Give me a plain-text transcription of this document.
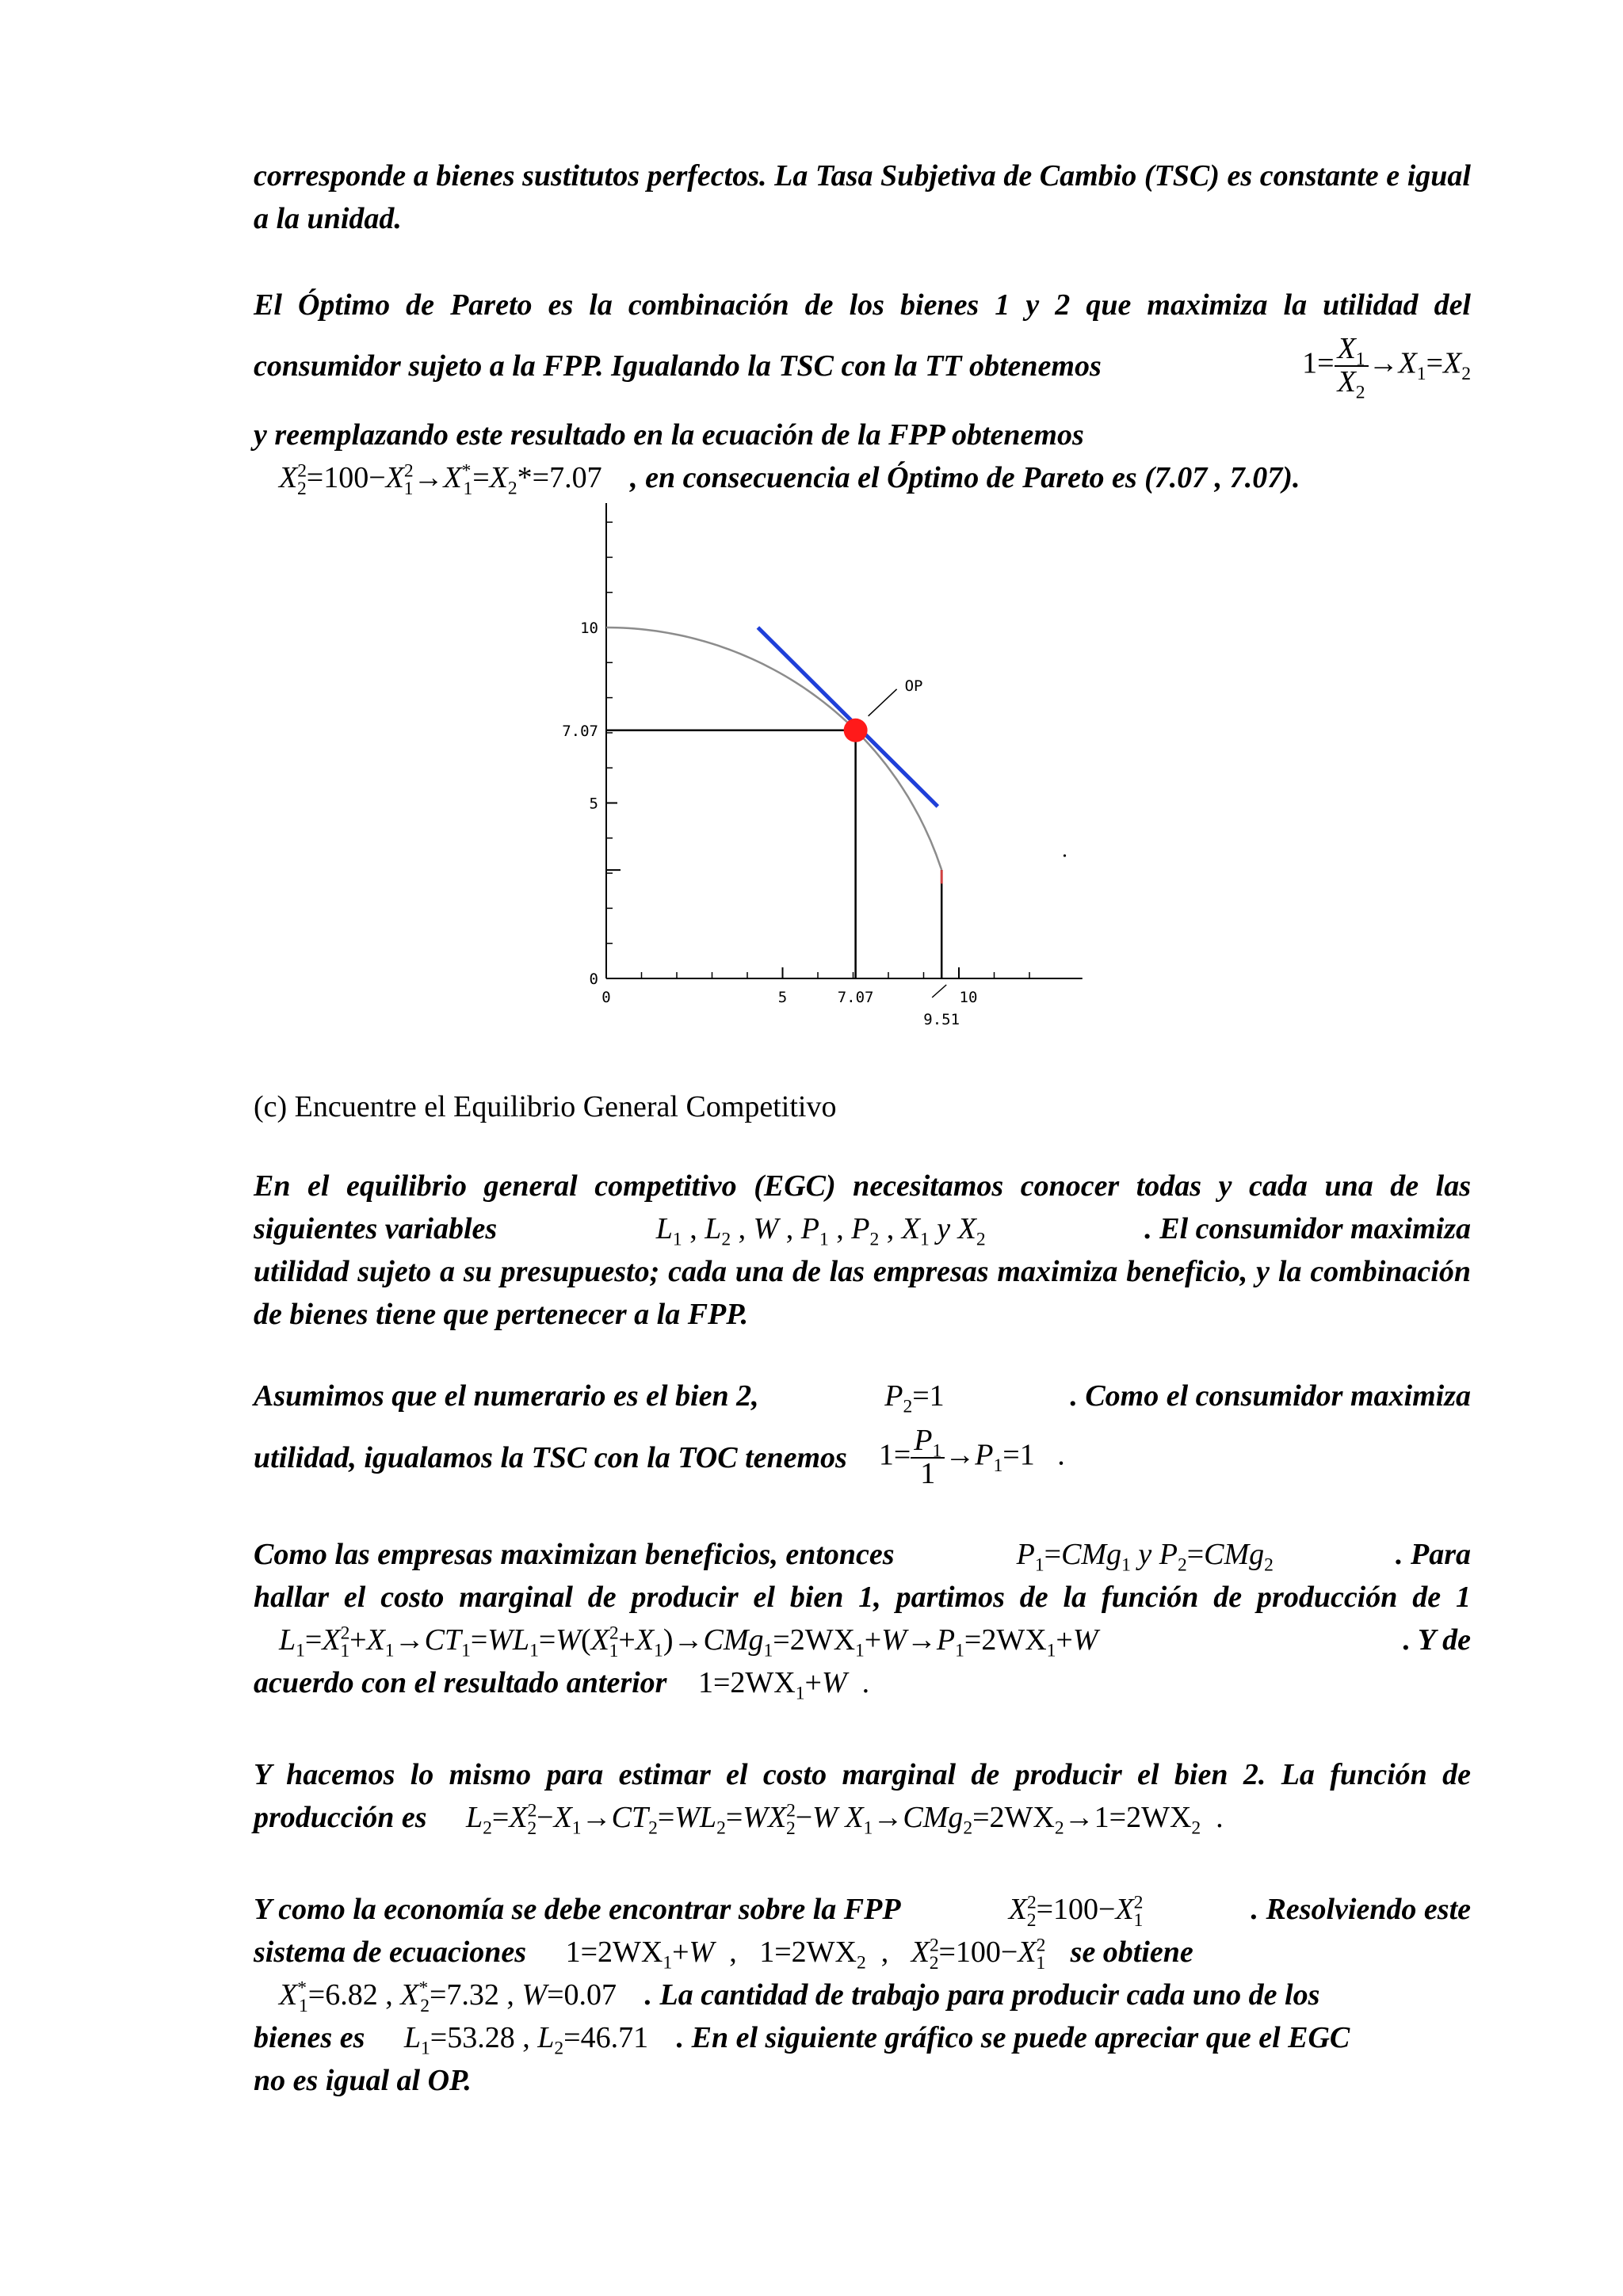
corresponde a bienes sustitutos perfectos. La Tasa Subjetiva de Cambio (TSC) es constante e igual a la unidad.
El Óptimo de Pareto es la combinación de los bienes 1 y 2 que maximiza la utilidad del
consumidor sujeto a la FPP. Igualando la TSC con la TT obtenemos	$1= \frac{X_1}{X_2} \to X_1=X_2$
y reemplazando este resultado en la ecuación de la FPP obtenemos
$X^2_2=100-X^2_1\to X^*_1=X_2*=7.07$ , en consecuencia el Óptimo de Pareto es (7.07 , 7.07).
0	5	7.07	10
9.51
0
5
7.07
10
OP
(c) Encuentre el Equilibrio General Competitivo
En el equilibrio general competitivo (EGC) necesitamos conocer todas y cada una de las
siguientes variables	$L_1$ , $L_2$ , W , $P_1$ , $P_2$ , $X_1$ y $X_2$	. El consumidor maximiza
utilidad sujeto a su presupuesto; cada una de las empresas maximiza beneficio, y la combinación de bienes tiene que pertenecer a la FPP.
Asumimos que el numerario es el bien 2,	$P_2=1$	. Como el consumidor maximiza
utilidad, igualamos la TSC con la TOC tenemos $1= \frac{P_1}{1} \to P_1=1$   .
Como las empresas maximizan beneficios, entonces	$P_1=CMg_1$ y $P_2=CMg_2$	. Para
hallar el costo marginal de producir el bien 1, partimos de la función de producción de 1
$L_1=X^2_1+X_1\to CT_1=WL_1=W(X^2_1+X_1)\to CMg_1=2WX_1+W\to P_1=2WX_1+W$	. Y de
acuerdo con el resultado anterior $1=2WX_1+W$  .
Y hacemos lo mismo para estimar el costo marginal de producir el bien 2. La función de
producción es $L_2=X^2_2-X_1\to CT_2=WL_2=WX^2_2-W$ $X_1\to CMg_2=2WX_2\to 1=2WX_2$  .
Y como la economía se debe encontrar sobre la FPP	$X^2_2=100-X^2_1$	. Resolviendo este
sistema de ecuaciones $1=2WX_1+W$  ,   $1=2WX_2$  ,   $X^2_2=100-X^2_1$ se obtiene
$X^*_1=6.82$ , $X^*_2=7.32$ , W=0.07 . La cantidad de trabajo para producir cada uno de los
bienes es $L_1=53.28$ , $L_2=46.71$ . En el siguiente gráfico se puede apreciar que el EGC
no es igual al OP.
